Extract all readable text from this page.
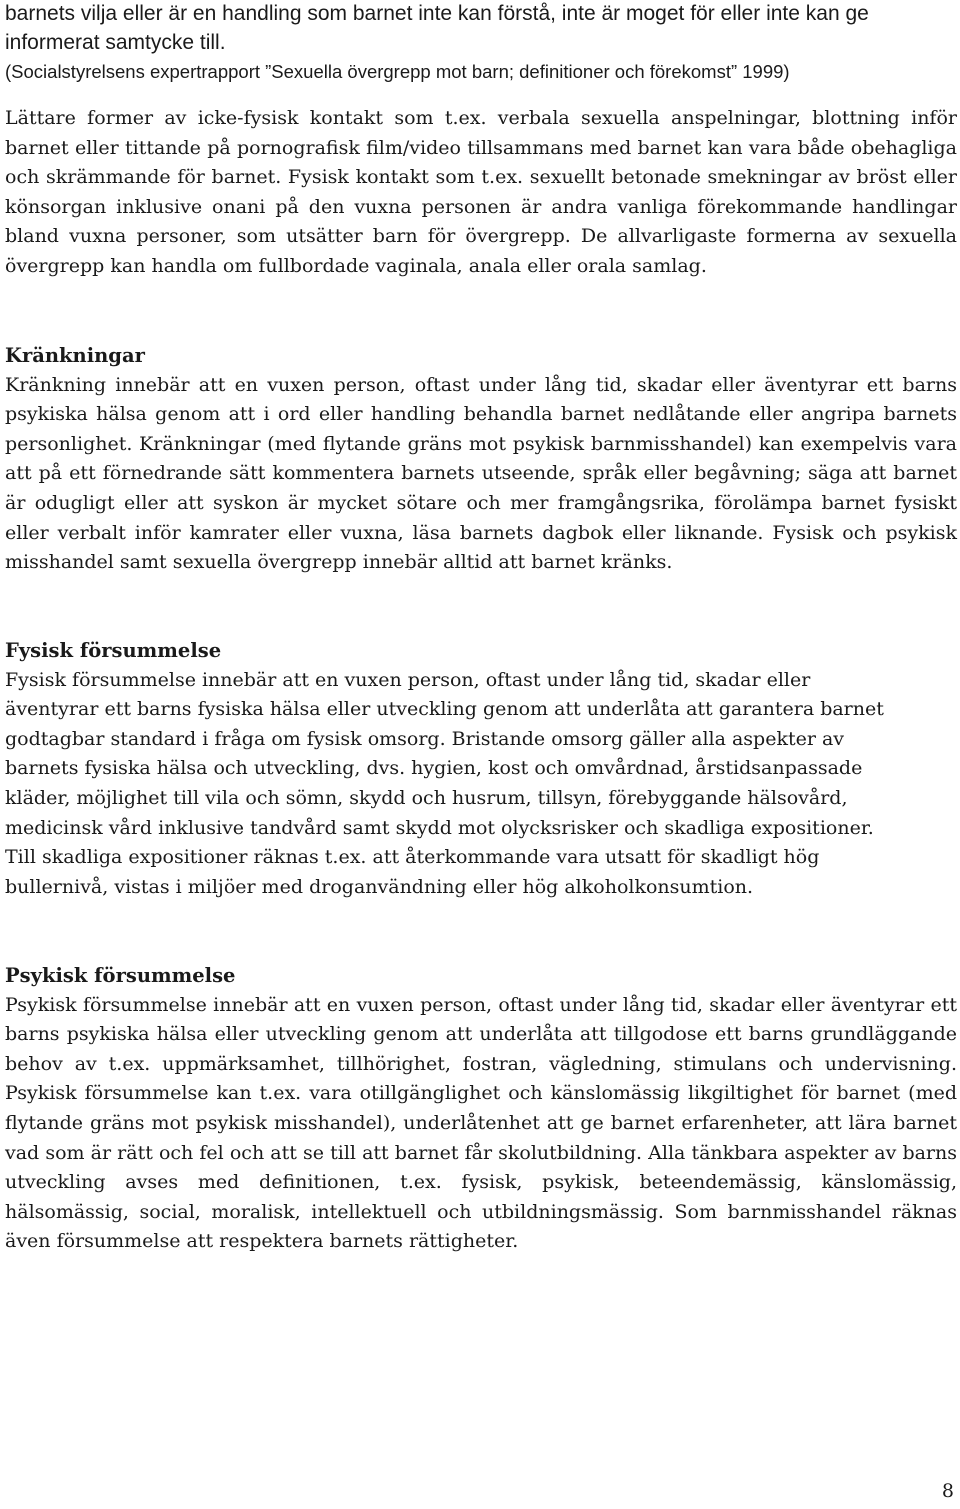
barnets vilja eller är en handling som barnet inte kan förstå, inte är moget för eller inte kan ge informerat samtycke till.

(Socialstyrelsens expertrapport ”Sexuella övergrepp mot barn; definitioner och förekomst” 1999)

Lättare former av icke-fysisk kontakt som t.ex. verbala sexuella anspelningar, blottning inför barnet eller tittande på pornografisk film/video tillsammans med barnet kan vara både obehagliga och skrämmande för barnet. Fysisk kontakt som t.ex. sexuellt betonade smekningar av bröst eller könsorgan inklusive onani på den vuxna personen är andra vanliga förekommande handlingar bland vuxna personer, som utsätter barn för övergrepp. De allvarligaste formerna av sexuella övergrepp kan handla om fullbordade vaginala, anala eller orala samlag.

Kränkningar

Kränkning innebär att en vuxen person, oftast under lång tid, skadar eller äventyrar ett barns psykiska hälsa genom att i ord eller handling behandla barnet nedlåtande eller angripa barnets personlighet. Kränkningar (med flytande gräns mot psykisk barnmisshandel) kan exempelvis vara att på ett förnedrande sätt kommentera barnets utseende, språk eller begåvning; säga att barnet är odugligt eller att syskon är mycket sötare och mer framgångsrika, förolämpa barnet fysiskt eller verbalt inför kamrater eller vuxna, läsa barnets dagbok eller liknande. Fysisk och psykisk misshandel samt sexuella övergrepp innebär alltid att barnet kränks.

Fysisk försummelse

Fysisk försummelse innebär att en vuxen person, oftast under lång tid, skadar eller äventyrar ett barns fysiska hälsa eller utveckling genom att underlåta att garantera barnet godtagbar standard i fråga om fysisk omsorg. Bristande omsorg gäller alla aspekter av barnets fysiska hälsa och utveckling, dvs. hygien, kost och omvårdnad, årstidsanpassade kläder, möjlighet till vila och sömn, skydd och husrum, tillsyn, förebyggande hälsovård, medicinsk vård inklusive tandvård samt skydd mot olycksrisker och skadliga expositioner. Till skadliga expositioner räknas t.ex. att återkommande vara utsatt för skadligt hög bullernivå, vistas i miljöer med droganvändning eller hög alkoholkonsumtion.

Psykisk försummelse

Psykisk försummelse innebär att en vuxen person, oftast under lång tid, skadar eller äventyrar ett barns psykiska hälsa eller utveckling genom att underlåta att tillgodose ett barns grundläggande behov av t.ex. uppmärksamhet, tillhörighet, fostran, vägledning, stimulans och undervisning. Psykisk försummelse kan t.ex. vara otillgänglighet och känslomässig likgiltighet för barnet (med flytande gräns mot psykisk misshandel), underlåtenhet att ge barnet erfarenheter, att lära barnet vad som är rätt och fel och att se till att barnet får skolutbildning. Alla tänkbara aspekter av barns utveckling avses med definitionen, t.ex. fysisk, psykisk, beteendemässig, känslomässig, hälsomässig, social, moralisk, intellektuell och utbildningsmässig. Som barnmisshandel räknas även försummelse att respektera barnets rättigheter.

8
